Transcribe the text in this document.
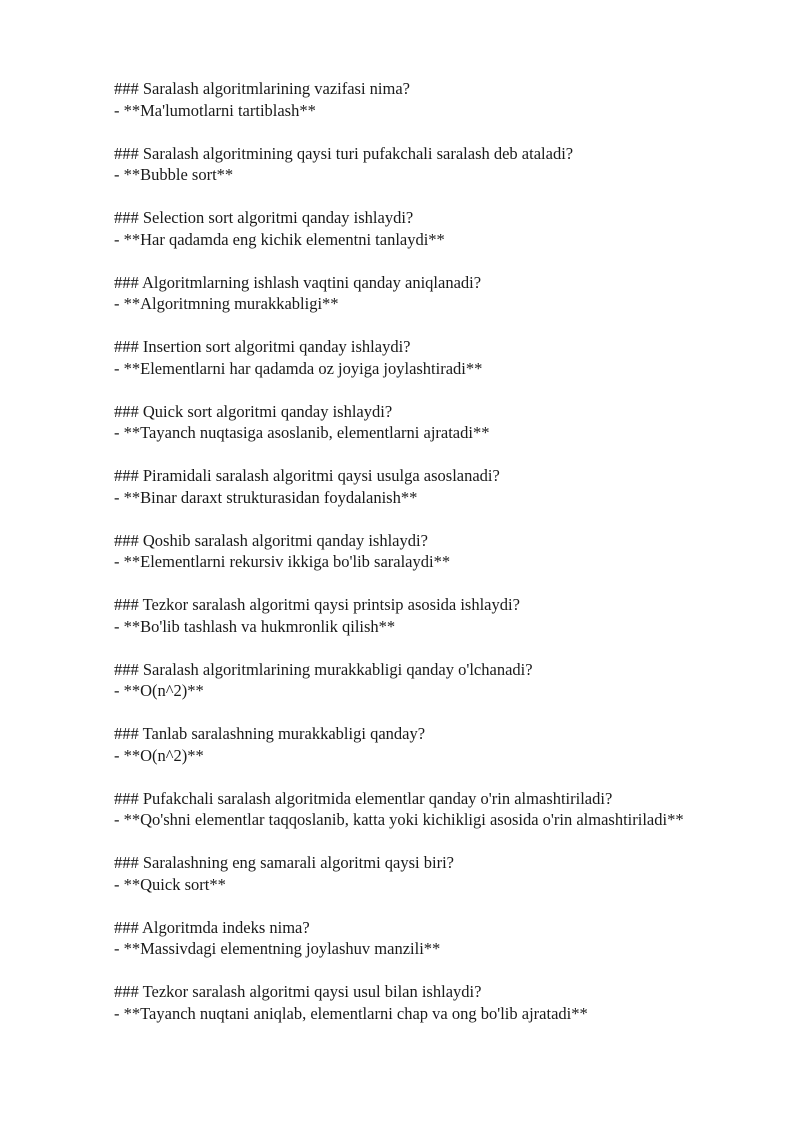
### Saralash algoritmlarining vazifasi nima?
- **Ma'lumotlarni tartiblash**
### Saralash algoritmining qaysi turi pufakchali saralash deb ataladi?
- **Bubble sort**
### Selection sort algoritmi qanday ishlaydi?
- **Har qadamda eng kichik elementni tanlaydi**
### Algoritmlarning ishlash vaqtini qanday aniqlanadi?
- **Algoritmning murakkabligi**
### Insertion sort algoritmi qanday ishlaydi?
- **Elementlarni har qadamda oz joyiga joylashtiradi**
### Quick sort algoritmi qanday ishlaydi?
- **Tayanch nuqtasiga asoslanib, elementlarni ajratadi**
### Piramidali saralash algoritmi qaysi usulga asoslanadi?
- **Binar daraxt strukturasidan foydalanish**
### Qoshib saralash algoritmi qanday ishlaydi?
- **Elementlarni rekursiv ikkiga bo'lib saralaydi**
### Tezkor saralash algoritmi qaysi printsip asosida ishlaydi?
- **Bo'lib tashlash va hukmronlik qilish**
### Saralash algoritmlarining murakkabligi qanday o'lchanadi?
- **O(n^2)**
### Tanlab saralashning murakkabligi qanday?
- **O(n^2)**
### Pufakchali saralash algoritmida elementlar qanday o'rin almashtiriladi?
- **Qo'shni elementlar taqqoslanib, katta yoki kichikligi asosida o'rin almashtiriladi**
### Saralashning eng samarali algoritmi qaysi biri?
- **Quick sort**
### Algoritmda indeks nima?
- **Massivdagi elementning joylashuv manzili**
### Tezkor saralash algoritmi qaysi usul bilan ishlaydi?
- **Tayanch nuqtani aniqlab, elementlarni chap va ong bo'lib ajratadi**
